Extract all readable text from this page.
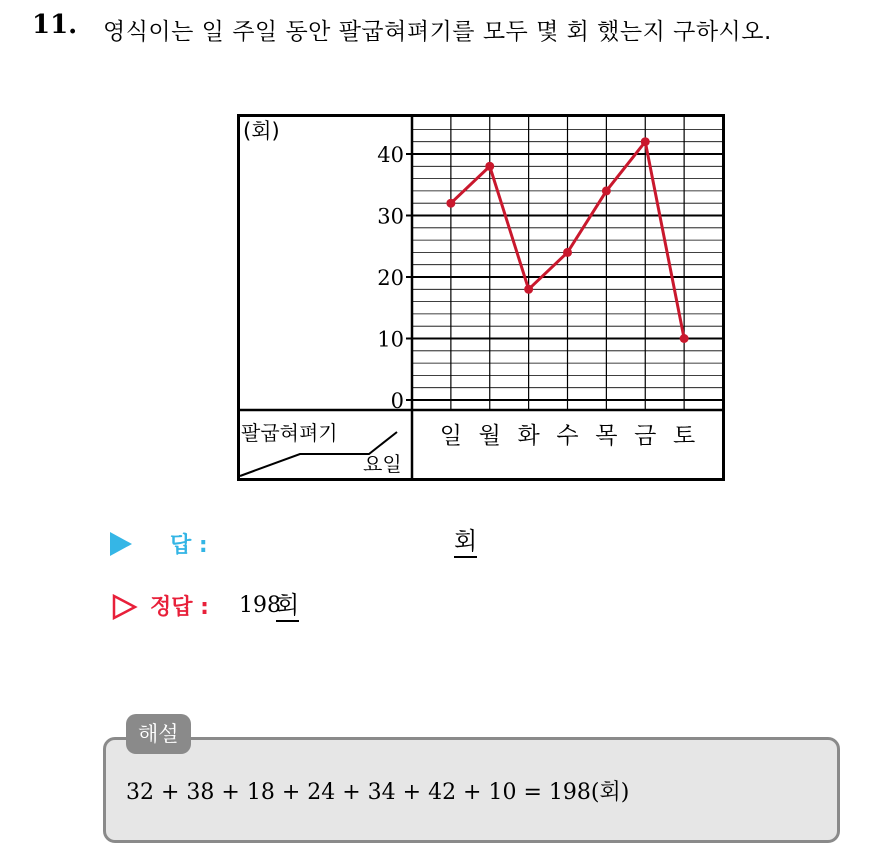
11. 영식이는 일 주일 동안 팔굽혀펴기를 모두 몇 회 했는지 구하시오.
(회)
팔굽혀펴기
요일
0
10
20
30
40
일 월 화 수 목 금 토
답 :	회
정답 : 198
회
해설
32 + 38 + 18 + 24 + 34 + 42 + 10 = 198(회)
